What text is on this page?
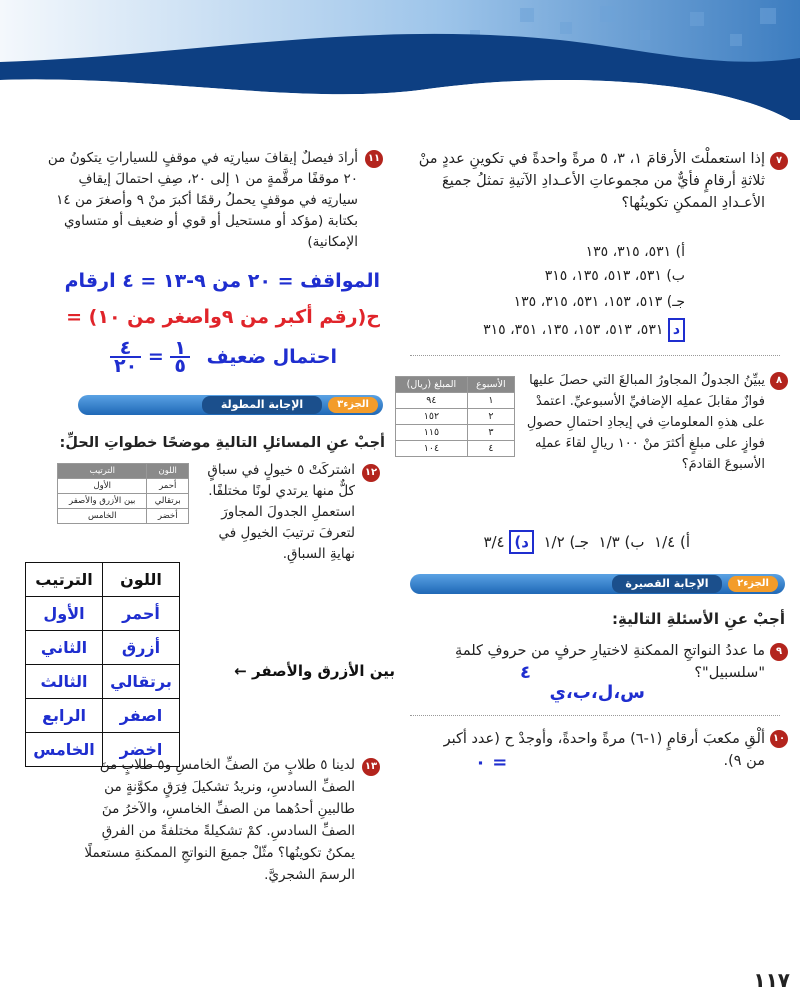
٧
إذا استعملْتَ الأرقامَ ١، ٣، ٥ مرةً واحدةً في تكوينِ عددٍ منْ ثلاثةِ أرقامٍ فأيٌّ من مجموعاتِ الأعـدادِ الآتيةِ تمثلُ جميعَ الأعـدادِ الممكنِ تكوينُها؟
أ) ٥٣١، ٣١٥، ١٣٥
ب) ٥٣١، ٥١٣، ١٣٥، ٣١٥
جـ) ٥١٣، ١٥٣، ٥٣١، ٣١٥، ١٣٥
د ٥٣١، ٥١٣، ١٥٣، ١٣٥، ٣٥١، ٣١٥
٨
يبيِّنُ الجدولُ المجاورُ المبالغَ التي حصلَ عليها فوازٌ مقابلَ عملِه الإضافيِّ الأسبوعيِّ. اعتمدْ على هذهِ المعلوماتِ في إيجادِ احتمالِ حصولِ فوازٍ على مبلغٍ أكثرَ منْ ١٠٠ ريالٍ لقاءَ عملِه الأسبوعَ القادمَ؟
الأسبوع	المبلغ (ريال)
١	٩٤
٢	١٥٢
٣	١١٥
٤	١٠٤
أ) ١/٤  ب) ١/٣  جـ) ١/٢  د) ٣/٤
الجزء٢
الإجابة القصيرة
أجبْ عنِ الأسئلةِ التاليةِ:
٩
ما عددُ النواتجِ الممكنةِ لاختيارِ حرفٍ من حروفِ كلمةِ "سلسبيل"؟
٤
س،ل،ب،ي
١٠
ألْقِ مكعبَ أرقامٍ (١-٦) مرةً واحدةً، وأوجدْ ح (عدد أكبر من ٩).
= ٠
١١
أرادَ فيصلٌ إيقافَ سيارتِه في موقفٍ للسياراتِ يتكونُ من ٢٠ موقفًا مرقَّمةٍ من ١ إلى ٢٠، صِفِ احتمالَ إيقافِ سيارتِه في موقفٍ يحملُ رقمًا أكبرَ منْ ٩ وأصغرَ من ١٤ بكتابة (مؤكد أو مستحيل أو قوي أو ضعيف أو متساوي الإمكانية)
المواقف = ٢٠ من ٩-١٣ = ٤ ارقام
ح(رقم أكبر من ٩واصغر من ١٠) =
٤
٢٠ = ١
٥ احتمال ضعيف
الجزء٣
الإجابة المطولة
أجبْ عنِ المسائلِ التاليةِ موضحًا خطواتِ الحلِّ:
١٢
اشتركَتْ ٥ خيولٍ في سباقٍ كلٌّ منها يرتدي لونًا مختلفًا. استعملِ الجدولَ المجاورَ لتعرفَ ترتيبَ الخيولِ في نهايةِ السباقِ.
اللون	الترتيب
أحمر	الأول
برتقالي	بين الأزرق والأصفر
أخضر	الخامس
اللون	الترتيب
أحمر	الأول
أزرق	الثاني
برتقالي	الثالث
اصفر	الرابع
اخضر	الخامس
بين الأزرق والأصفر ←
١٣
لدينا ٥ طلابٍ منَ الصفِّ الخامسِ و٥ طلابٍ منَ الصفِّ السادسِ، ونريدُ تشكيلَ فِرَقٍ مكوَّنةٍ من طالبينِ أحدُهما من الصفِّ الخامسِ، والآخرُ منَ الصفِّ السادسِ. كمْ تشكيلةً مختلفةً من الفرقِ يمكنُ تكوينُها؟ مثّلْ جميعَ النواتجِ الممكنةِ مستعملًا الرسمَ الشجريَّ.
١١٧
